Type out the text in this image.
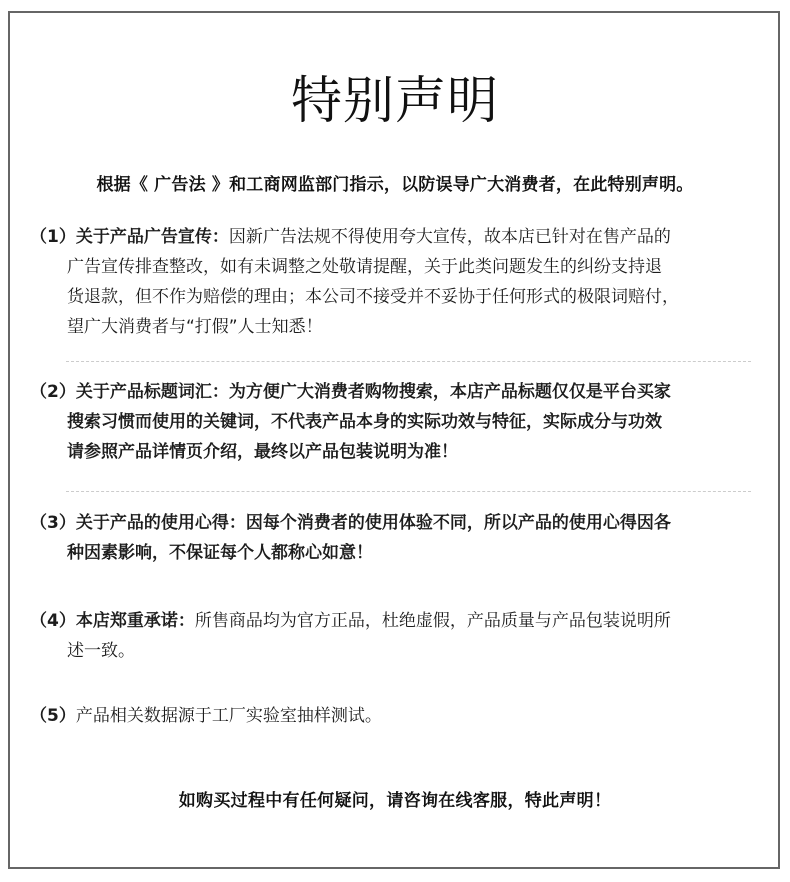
特别声明

根据《 广告法 》和工商网监部门指示，以防误导广大消费者，在此特别声明。

（1）关于产品广告宣传：因新广告法规不得使用夸大宣传，故本店已针对在售产品的

广告宣传排查整改，如有未调整之处敬请提醒，关于此类问题发生的纠纷支持退

货退款，但不作为赔偿的理由；本公司不接受并不妥协于任何形式的极限词赔付，

望广大消费者与“打假”人士知悉！

（2）关于产品标题词汇：为方便广大消费者购物搜索，本店产品标题仅仅是平台买家

搜索习惯而使用的关键词，不代表产品本身的实际功效与特征，实际成分与功效

请参照产品详情页介绍，最终以产品包装说明为准！

（3）关于产品的使用心得：因每个消费者的使用体验不同，所以产品的使用心得因各

种因素影响，不保证每个人都称心如意！

（4）本店郑重承诺：所售商品均为官方正品，杜绝虚假，产品质量与产品包装说明所

述一致。

（5）产品相关数据源于工厂实验室抽样测试。

如购买过程中有任何疑问，请咨询在线客服，特此声明！
